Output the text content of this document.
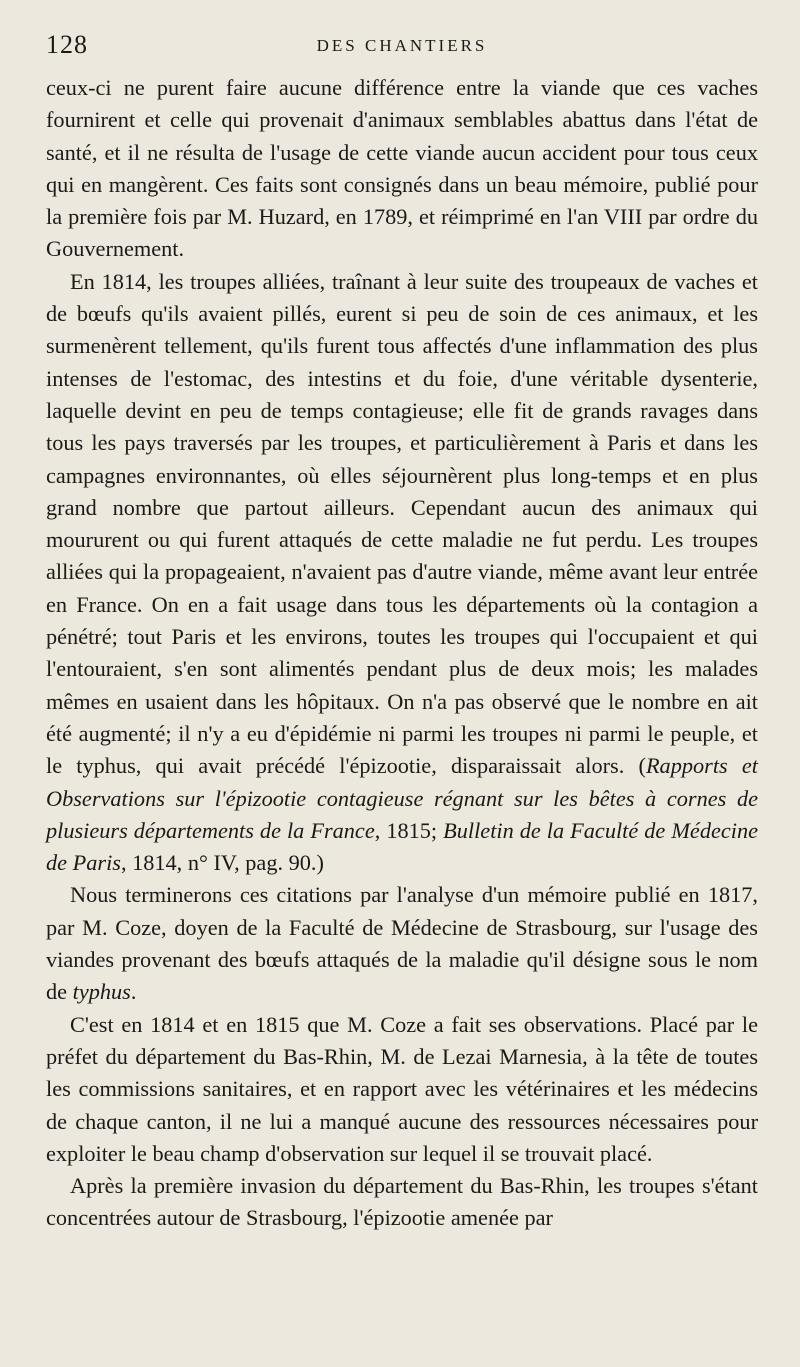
128	DES CHANTIERS

ceux-ci ne purent faire aucune différence entre la viande que ces vaches fournirent et celle qui provenait d'animaux semblables abattus dans l'état de santé, et il ne résulta de l'usage de cette viande aucun accident pour tous ceux qui en mangèrent. Ces faits sont consignés dans un beau mémoire, publié pour la première fois par M. Huzard, en 1789, et réimprimé en l'an VIII par ordre du Gouvernement.

En 1814, les troupes alliées, traînant à leur suite des troupeaux de vaches et de bœufs qu'ils avaient pillés, eurent si peu de soin de ces animaux, et les surmenèrent tellement, qu'ils furent tous affectés d'une inflammation des plus intenses de l'estomac, des intestins et du foie, d'une véritable dysenterie, laquelle devint en peu de temps contagieuse; elle fit de grands ravages dans tous les pays traversés par les troupes, et particulièrement à Paris et dans les campagnes environnantes, où elles séjournèrent plus long-temps et en plus grand nombre que partout ailleurs. Cependant aucun des animaux qui moururent ou qui furent attaqués de cette maladie ne fut perdu. Les troupes alliées qui la propageaient, n'avaient pas d'autre viande, même avant leur entrée en France. On en a fait usage dans tous les départements où la contagion a pénétré; tout Paris et les environs, toutes les troupes qui l'occupaient et qui l'entouraient, s'en sont alimentés pendant plus de deux mois; les malades mêmes en usaient dans les hôpitaux. On n'a pas observé que le nombre en ait été augmenté; il n'y a eu d'épidémie ni parmi les troupes ni parmi le peuple, et le typhus, qui avait précédé l'épizootie, disparaissait alors. (Rapports et Observations sur l'épizootie contagieuse régnant sur les bêtes à cornes de plusieurs départements de la France, 1815; Bulletin de la Faculté de Médecine de Paris, 1814, n° IV, pag. 90.)

Nous terminerons ces citations par l'analyse d'un mémoire publié en 1817, par M. Coze, doyen de la Faculté de Médecine de Strasbourg, sur l'usage des viandes provenant des bœufs attaqués de la maladie qu'il désigne sous le nom de typhus.

C'est en 1814 et en 1815 que M. Coze a fait ses observations. Placé par le préfet du département du Bas-Rhin, M. de Lezai Marnesia, à la tête de toutes les commissions sanitaires, et en rapport avec les vétérinaires et les médecins de chaque canton, il ne lui a manqué aucune des ressources nécessaires pour exploiter le beau champ d'observation sur lequel il se trouvait placé.

Après la première invasion du département du Bas-Rhin, les troupes s'étant concentrées autour de Strasbourg, l'épizootie amenée par
